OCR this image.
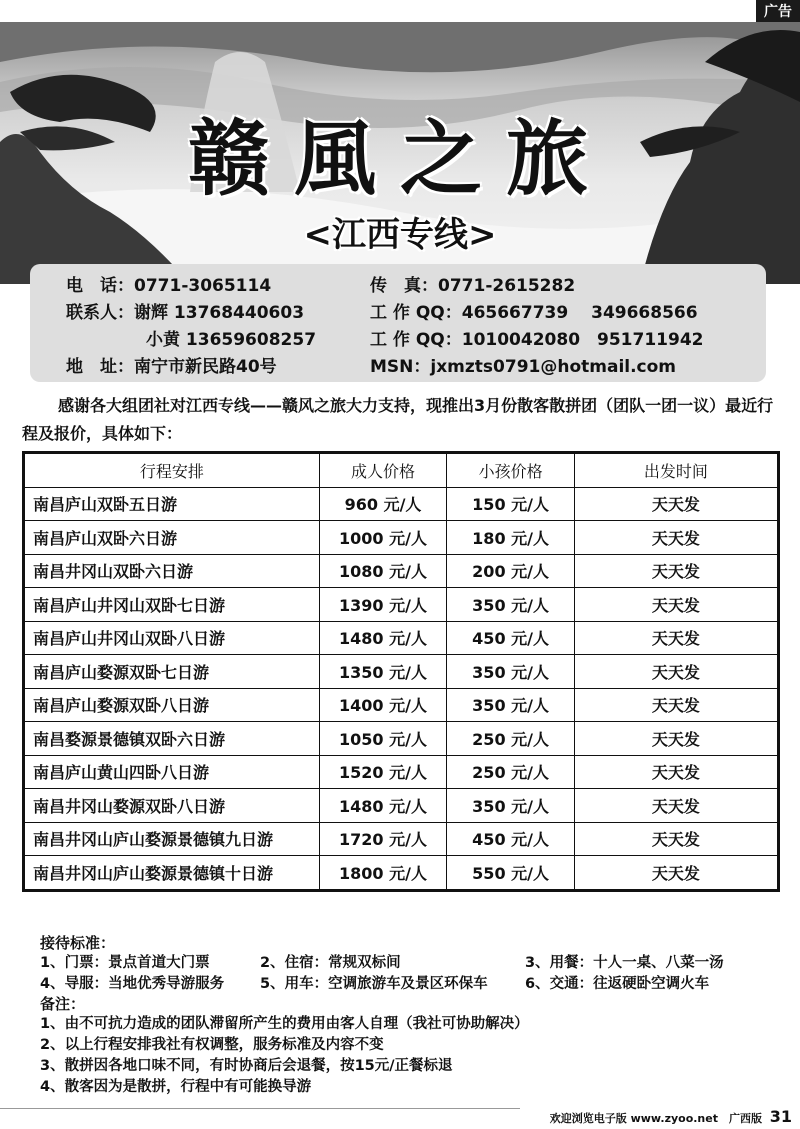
广告
赣風之旅
<江西专线>
电　话：0771-3065114	传　真：0771-2615282
联系人：谢辉 13768440603	工 作 QQ：465667739　 349668566
小黄 13659608257	工 作 QQ：1010042080　951711942
地　址：南宁市新民路40号	MSN：jxmzts0791@hotmail.com
感谢各大组团社对江西专线——赣风之旅大力支持，现推出3月份散客散拼团（团队一团一议）最近行程及报价，具体如下：
行程安排	成人价格	小孩价格	出发时间
南昌庐山双卧五日游	960 元/人	150 元/人	天天发
南昌庐山双卧六日游	1000 元/人	180 元/人	天天发
南昌井冈山双卧六日游	1080 元/人	200 元/人	天天发
南昌庐山井冈山双卧七日游	1390 元/人	350 元/人	天天发
南昌庐山井冈山双卧八日游	1480 元/人	450 元/人	天天发
南昌庐山婺源双卧七日游	1350 元/人	350 元/人	天天发
南昌庐山婺源双卧八日游	1400 元/人	350 元/人	天天发
南昌婺源景德镇双卧六日游	1050 元/人	250 元/人	天天发
南昌庐山黄山四卧八日游	1520 元/人	250 元/人	天天发
南昌井冈山婺源双卧八日游	1480 元/人	350 元/人	天天发
南昌井冈山庐山婺源景德镇九日游	1720 元/人	450 元/人	天天发
南昌井冈山庐山婺源景德镇十日游	1800 元/人	550 元/人	天天发
接待标准：
1、门票：景点首道大门票	2、住宿：常规双标间	3、用餐：十人一桌、八菜一汤
4、导服：当地优秀导游服务	5、用车：空调旅游车及景区环保车	6、交通：往返硬卧空调火车
备注：
1、由不可抗力造成的团队滞留所产生的费用由客人自理（我社可协助解决）
2、以上行程安排我社有权调整，服务标准及内容不变
3、散拼因各地口味不同，有时协商后会退餐，按15元/正餐标退
4、散客因为是散拼，行程中有可能换导游
欢迎浏览电子版 www.zyoo.net　广西版 31
